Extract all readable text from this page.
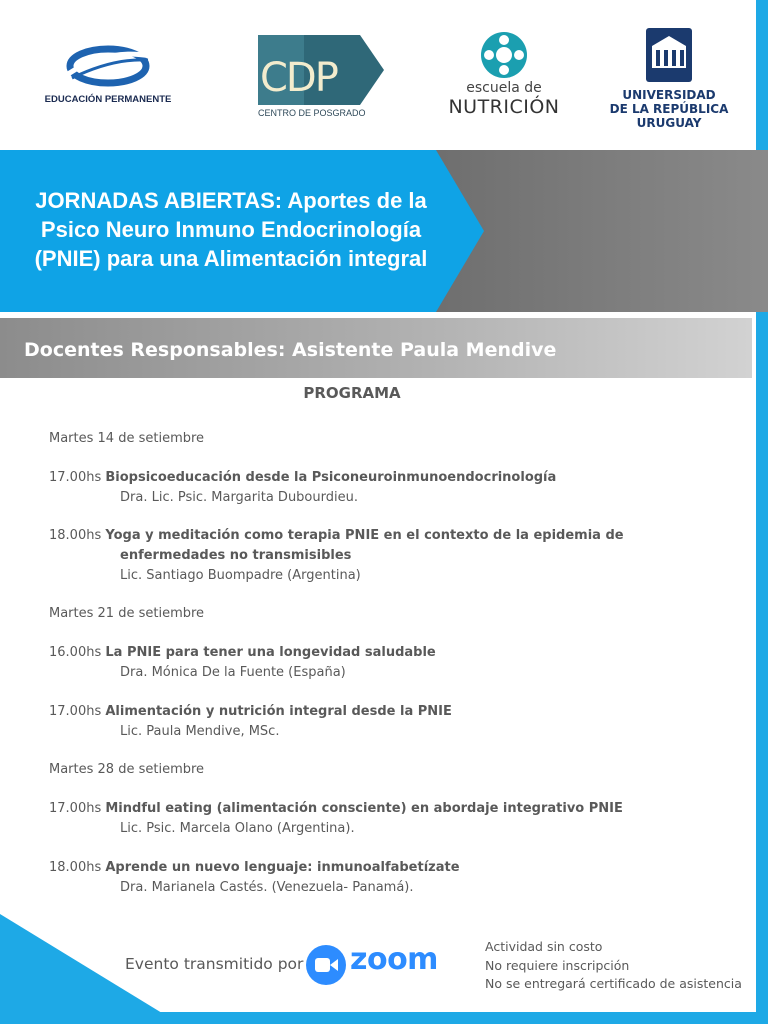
EDUCACIÓN PERMANENTE CDP
CENTRO DE POSGRADO
escuela de
NUTRICIÓN
UNIVERSIDAD
DE LA REPÚBLICA
URUGUAY
JORNADAS ABIERTAS: Aportes de la
Psico Neuro Inmuno Endocrinología
(PNIE) para una Alimentación integral
Docentes Responsables: Asistente Paula Mendive
PROGRAMA
Martes 14 de setiembre
17.00hs Biopsicoeducación desde la Psiconeuroinmunoendocrinología
Dra. Lic. Psic. Margarita Dubourdieu.
18.00hs Yoga y meditación como terapia PNIE en el contexto de la epidemia de
enfermedades no transmisibles
Lic. Santiago Buompadre (Argentina)
Martes 21 de setiembre
16.00hs La PNIE para tener una longevidad saludable
Dra. Mónica De la Fuente (España)
17.00hs Alimentación y nutrición integral desde la PNIE
Lic. Paula Mendive, MSc.
Martes 28 de setiembre
17.00hs Mindful eating (alimentación consciente) en abordaje integrativo PNIE
Lic. Psic. Marcela Olano (Argentina).
18.00hs Aprende un nuevo lenguaje: inmunoalfabetízate
Dra. Marianela Castés. (Venezuela- Panamá).
Evento transmitido por zoom	Actividad sin costo
No requiere inscripción
No se entregará certificado de asistencia
